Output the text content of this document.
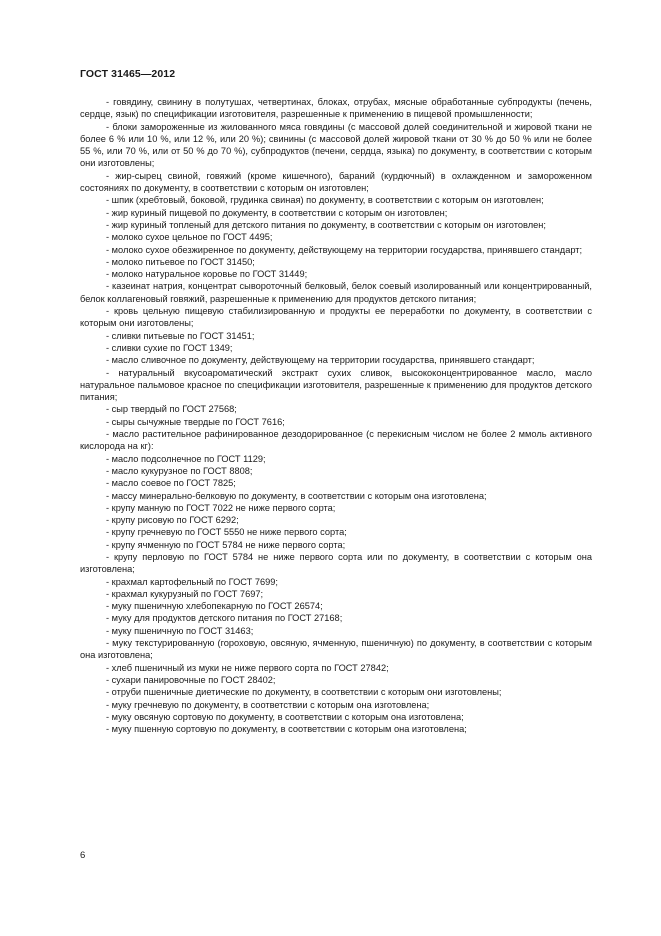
ГОСТ 31465—2012

- говядину, свинину в полутушах, четвертинах, блоках, отрубах, мясные обработанные субпродукты (печень, сердце, язык) по спецификации изготовителя, разрешенные к применению в пищевой промышленности;

- блоки замороженные из жилованного мяса говядины (с массовой долей соединительной и жировой ткани не более 6 % или 10 %, или 12 %, или 20 %); свинины (с массовой долей жировой ткани от 30 % до 50 % или не более 55 %, или 70 %, или от 50 % до 70 %), субпродуктов (печени, сердца, языка) по документу, в соответствии с которым они изготовлены;

- жир-сырец свиной, говяжий (кроме кишечного), бараний (курдючный) в охлажденном и замороженном состояниях по документу, в соответствии с которым он изготовлен;

- шпик (хребтовый, боковой, грудинка свиная) по документу, в соответствии с которым он изготовлен;

- жир куриный пищевой по документу, в соответствии с которым он изготовлен;

- жир куриный топленый для детского питания по документу, в соответствии с которым он изготовлен;

- молоко сухое цельное по ГОСТ 4495;

- молоко сухое обезжиренное по документу, действующему на территории государства, принявшего стандарт;

- молоко питьевое по ГОСТ 31450;

- молоко натуральное коровье по ГОСТ 31449;

- казеинат натрия, концентрат сывороточный белковый, белок соевый изолированный или концентрированный, белок коллагеновый говяжий, разрешенные к применению для продуктов детского питания;

- кровь цельную пищевую стабилизированную и продукты ее переработки по документу, в соответствии с которым они изготовлены;

- сливки питьевые по ГОСТ 31451;

- сливки сухие по ГОСТ 1349;

- масло сливочное по документу, действующему на территории государства, принявшего стандарт;

- натуральный вкусоароматический экстракт сухих сливок, высококонцентрированное масло, масло натуральное пальмовое красное по спецификации изготовителя, разрешенные к применению для продуктов детского питания;

- сыр твердый по ГОСТ 27568;

- сыры сычужные твердые по ГОСТ 7616;

- масло растительное рафинированное дезодорированное (с перекисным числом не более 2 ммоль активного кислорода на кг):

- масло подсолнечное по ГОСТ 1129;

- масло кукурузное по ГОСТ 8808;

- масло соевое по ГОСТ 7825;

- массу минерально-белковую по документу, в соответствии с которым она изготовлена;

- крупу манную по ГОСТ 7022 не ниже первого сорта;

- крупу рисовую по ГОСТ 6292;

- крупу гречневую по ГОСТ 5550 не ниже первого сорта;

- крупу ячменную по ГОСТ 5784 не ниже первого сорта;

- крупу перловую по ГОСТ 5784 не ниже первого сорта или по документу, в соответствии с которым она изготовлена;

- крахмал картофельный по ГОСТ 7699;

- крахмал кукурузный по ГОСТ 7697;

- муку пшеничную хлебопекарную по ГОСТ 26574;

- муку для продуктов детского питания по ГОСТ 27168;

- муку пшеничную по ГОСТ 31463;

- муку текстурированную (гороховую, овсяную, ячменную, пшеничную) по документу, в соответствии с которым она изготовлена;

- хлеб пшеничный из муки не ниже первого сорта по ГОСТ 27842;

- сухари панировочные по ГОСТ 28402;

- отруби пшеничные диетические по документу, в соответствии с которым они изготовлены;

- муку гречневую по документу, в соответствии с которым она изготовлена;

- муку овсяную сортовую по документу, в соответствии с которым она изготовлена;

- муку пшенную сортовую по документу, в соответствии с которым она изготовлена;

6
